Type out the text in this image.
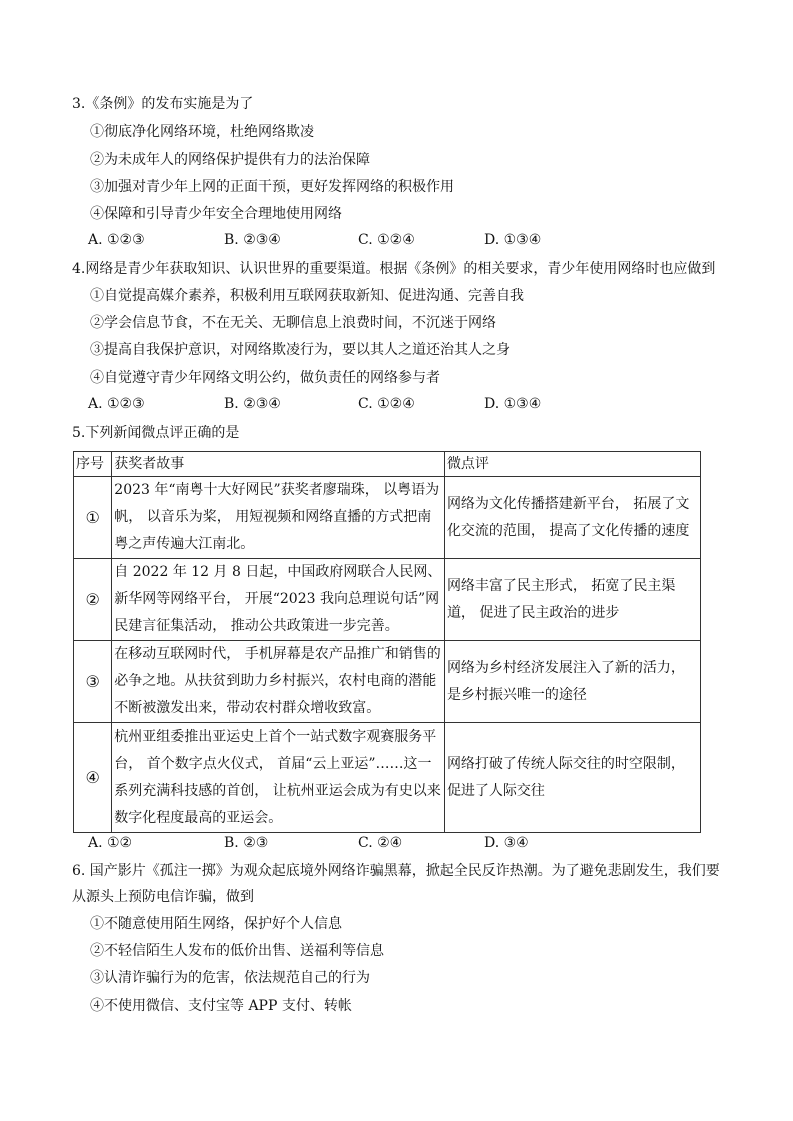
3.《条例》的发布实施是为了
①彻底净化网络环境，杜绝网络欺凌
②为未成年人的网络保护提供有力的法治保障
③加强对青少年上网的正面干预，更好发挥网络的积极作用
④保障和引导青少年安全合理地使用网络
A. ①②③	B. ②③④	C. ①②④	D. ①③④
4.网络是青少年获取知识、认识世界的重要渠道。根据《条例》的相关要求，青少年使用网络时也应做到
①自觉提高媒介素养，积极利用互联网获取新知、促进沟通、完善自我
②学会信息节食，不在无关、无聊信息上浪费时间，不沉迷于网络
③提高自我保护意识，对网络欺凌行为，要以其人之道还治其人之身
④自觉遵守青少年网络文明公约，做负责任的网络参与者
A. ①②③	B. ②③④	C. ①②④	D. ①③④
5.下列新闻微点评正确的是
序号	获奖者故事	微点评
①	2023 年“南粤十大好网民”获奖者廖瑞珠， 以粤语为帆， 以音乐为桨， 用短视频和网络直播的方式把南粤之声传遍大江南北。	网络为文化传播搭建新平台， 拓展了文化交流的范围， 提高了文化传播的速度
②	自 2022 年 12 月 8 日起，中国政府网联合人民网、新华网等网络平台， 开展“2023 我向总理说句话”网民建言征集活动， 推动公共政策进一步完善。	网络丰富了民主形式， 拓宽了民主渠道， 促进了民主政治的进步
③	在移动互联网时代， 手机屏幕是农产品推广和销售的必争之地。从扶贫到助力乡村振兴，农村电商的潜能不断被激发出来，带动农村群众增收致富。	网络为乡村经济发展注入了新的活力，是乡村振兴唯一的途径
④	杭州亚组委推出亚运史上首个一站式数字观赛服务平台， 首个数字点火仪式， 首届“云上亚运”……这一系列充满科技感的首创， 让杭州亚运会成为有史以来数字化程度最高的亚运会。	网络打破了传统人际交往的时空限制，促进了人际交往
A. ①②	B. ②③	C. ②④	D. ③④
6. 国产影片《孤注一掷》为观众起底境外网络诈骗黑幕，掀起全民反诈热潮。为了避免悲剧发生，我们要
从源头上预防电信诈骗，做到
①不随意使用陌生网络，保护好个人信息
②不轻信陌生人发布的低价出售、送福利等信息
③认清诈骗行为的危害，依法规范自己的行为
④不使用微信、支付宝等 APP 支付、转帐
